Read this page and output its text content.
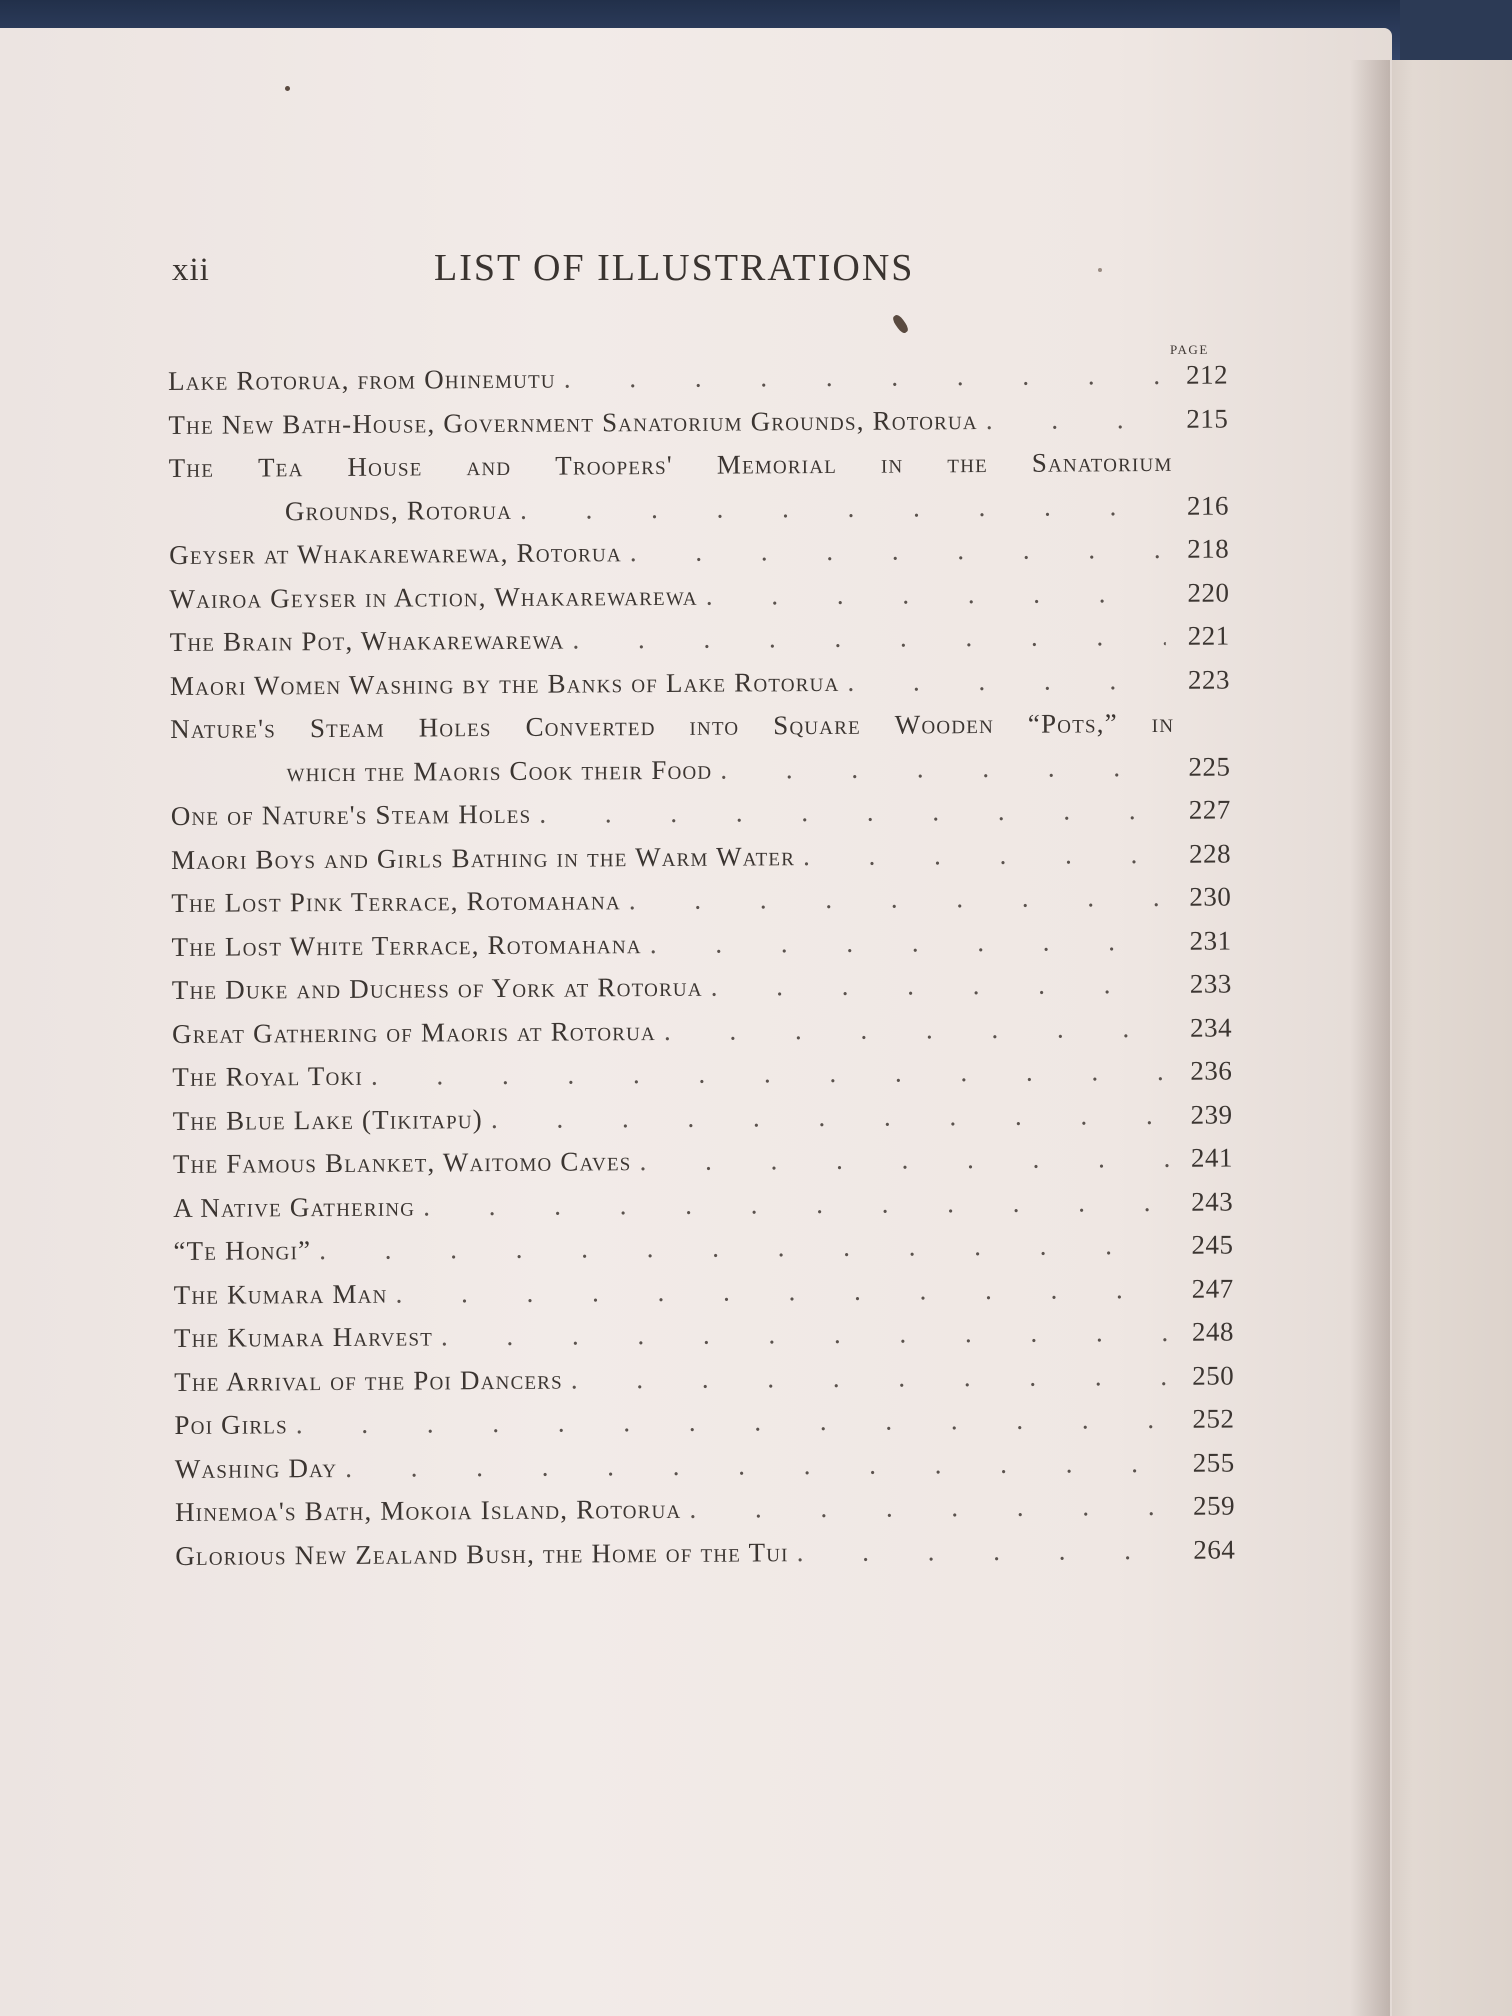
xii	LIST OF ILLUSTRATIONS
page
Lake Rotorua, from Ohinemutu . . .	212
The New Bath-House, Government Sanatorium Grounds, Rotorua . . .	215
The Tea House and Troopers' Memorial in the Sanatorium
Grounds, Rotorua . . .	216
Geyser at Whakarewarewa, Rotorua . . .	218
Wairoa Geyser in Action, Whakarewarewa . . .	220
The Brain Pot, Whakarewarewa . . .	221
Maori Women Washing by the Banks of Lake Rotorua . . .	223
Nature's Steam Holes Converted into Square Wooden “Pots,” in
which the Maoris Cook their Food . . .	225
One of Nature's Steam Holes . . .	227
Maori Boys and Girls Bathing in the Warm Water . . .	228
The Lost Pink Terrace, Rotomahana . . .	230
The Lost White Terrace, Rotomahana . . .	231
The Duke and Duchess of York at Rotorua . . .	233
Great Gathering of Maoris at Rotorua . . .	234
The Royal Toki . . .	236
The Blue Lake (Tikitapu) . . .	239
The Famous Blanket, Waitomo Caves . . .	241
A Native Gathering . . .	243
“Te Hongi” . . .	245
The Kumara Man . . .	247
The Kumara Harvest . . .	248
The Arrival of the Poi Dancers . . .	250
Poi Girls . . .	252
Washing Day . . .	255
Hinemoa's Bath, Mokoia Island, Rotorua . . .	259
Glorious New Zealand Bush, the Home of the Tui . . .	264
